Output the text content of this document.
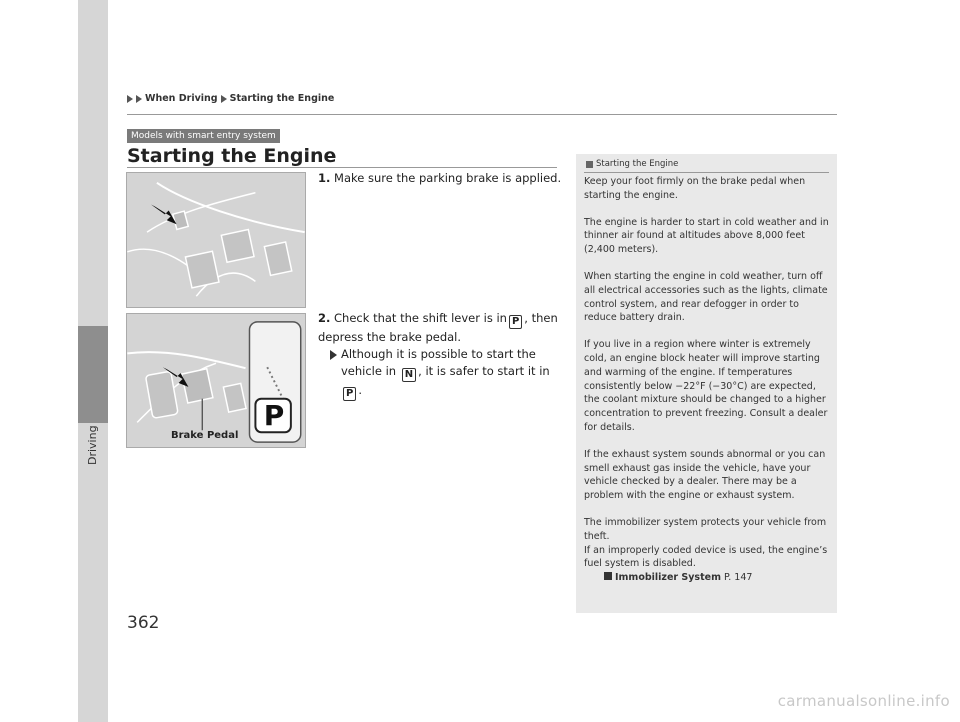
Driving
When Driving Starting the Engine
Models with smart entry system
Starting the Engine
P
Brake Pedal
1. Make sure the parking brake is applied.
2. Check that the shift lever is in P , then depress the brake pedal.
Although it is possible to start the vehicle in N , it is safer to start it in P .
Starting the Engine

Keep your foot firmly on the brake pedal when starting the engine.

The engine is harder to start in cold weather and in thinner air found at altitudes above 8,000 feet (2,400 meters).

When starting the engine in cold weather, turn off all electrical accessories such as the lights, climate control system, and rear defogger in order to reduce battery drain.

If you live in a region where winter is extremely cold, an engine block heater will improve starting and warming of the engine. If temperatures consistently below −22°F (−30°C) are expected, the coolant mixture should be changed to a higher concentration to prevent freezing. Consult a dealer for details.

If the exhaust system sounds abnormal or you can smell exhaust gas inside the vehicle, have your vehicle checked by a dealer. There may be a problem with the engine or exhaust system.

The immobilizer system protects your vehicle from theft.
If an improperly coded device is used, the engine’s fuel system is disabled.
Immobilizer System P. 147
362
carmanualsonline.info
